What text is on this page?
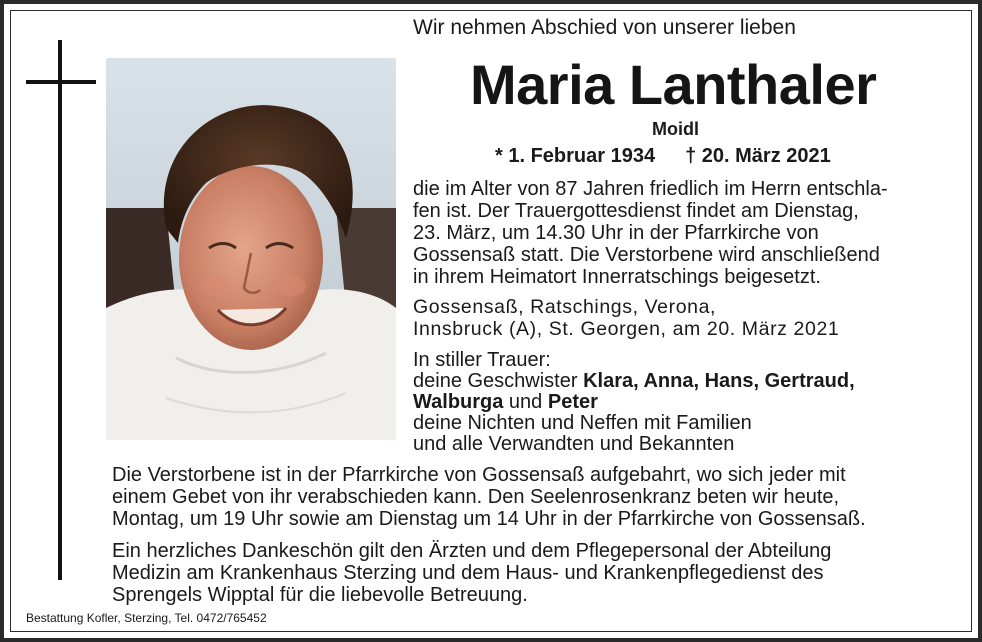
Wir nehmen Abschied von unserer lieben
Maria Lanthaler
Moidl
* 1. Februar 1934 † 20. März 2021
die im Alter von 87 Jahren friedlich im Herrn entschla-
fen ist. Der Trauergottesdienst findet am Dienstag,
23. März, um 14.30 Uhr in der Pfarrkirche von
Gossensaß statt. Die Verstorbene wird anschließend
in ihrem Heimatort Innerratschings beigesetzt.
Gossensaß, Ratschings, Verona,
Innsbruck (A), St. Georgen, am 20. März 2021
In stiller Trauer:
deine Geschwister Klara, Anna, Hans, Gertraud,
Walburga und Peter
deine Nichten und Neffen mit Familien
und alle Verwandten und Bekannten
Die Verstorbene ist in der Pfarrkirche von Gossensaß aufgebahrt, wo sich jeder mit
einem Gebet von ihr verabschieden kann. Den Seelenrosenkranz beten wir heute,
Montag, um 19 Uhr sowie am Dienstag um 14 Uhr in der Pfarrkirche von Gossensaß.
Ein herzliches Dankeschön gilt den Ärzten und dem Pflegepersonal der Abteilung
Medizin am Krankenhaus Sterzing und dem Haus- und Krankenpflegedienst des
Sprengels Wipptal für die liebevolle Betreuung.
Bestattung Kofler, Sterzing, Tel. 0472/765452
